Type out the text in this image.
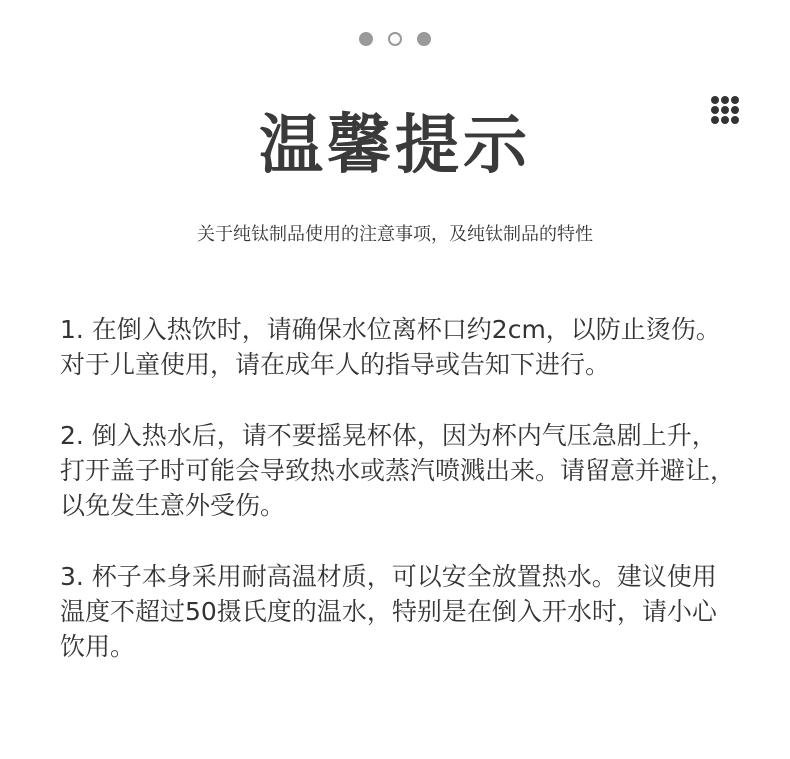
温馨提示
关于纯钛制品使用的注意事项，及纯钛制品的特性

1. 在倒入热饮时，请确保水位离杯口约2cm，以防止烫伤。对于儿童使用，请在成年人的指导或告知下进行。

2. 倒入热水后，请不要摇晃杯体，因为杯内气压急剧上升，打开盖子时可能会导致热水或蒸汽喷溅出来。请留意并避让，以免发生意外受伤。

3. 杯子本身采用耐高温材质，可以安全放置热水。建议使用温度不超过50摄氏度的温水，特别是在倒入开水时，请小心饮用。
